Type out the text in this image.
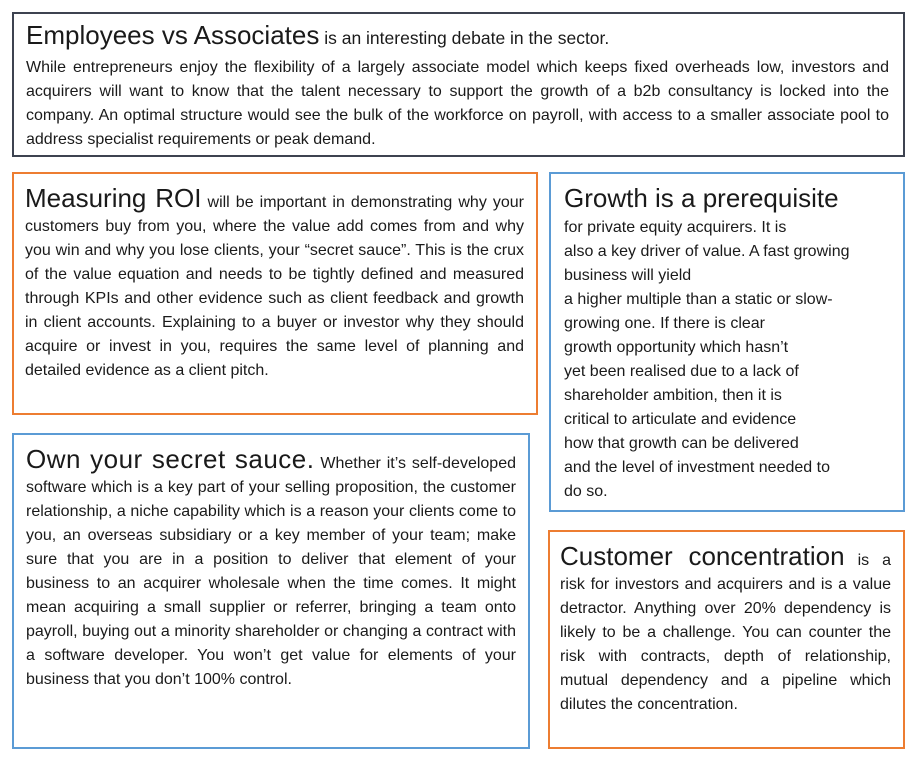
Employees vs Associates is an interesting debate in the sector.
While entrepreneurs enjoy the flexibility of a largely associate model which keeps fixed overheads low, investors and acquirers will want to know that the talent necessary to support the growth of a b2b consultancy is locked into the company. An optimal structure would see the bulk of the workforce on payroll, with access to a smaller associate pool to address specialist requirements or peak demand.
Measuring ROI will be important in demonstrating why your customers buy from you, where the value add comes from and why you win and why you lose clients, your “secret sauce”. This is the crux of the value equation and needs to be tightly defined and measured through KPIs and other evidence such as client feedback and growth in client accounts. Explaining to a buyer or investor why they should acquire or invest in you, requires the same level of planning and detailed evidence as a client pitch.
Growth is a prerequisite
for private equity acquirers. It is
also a key driver of value. A fast growing
business will yield
a higher multiple than a static or slow-
growing one. If there is clear
growth opportunity which hasn’t
yet been realised due to a lack of
shareholder ambition, then it is
critical to articulate and evidence
how that growth can be delivered
and the level of investment needed to
do so.
Own your secret sauce. Whether it’s self-developed software which is a key part of your selling proposition, the customer relationship, a niche capability which is a reason your clients come to you, an overseas subsidiary or a key member of your team; make sure that you are in a position to deliver that element of your business to an acquirer wholesale when the time comes. It might mean acquiring a small supplier or referrer, bringing a team onto payroll, buying out a minority shareholder or changing a contract with a software developer. You won’t get value for elements of your business that you don’t 100% control.
Customer concentration is a risk for investors and acquirers and is a value detractor. Anything over 20% dependency is likely to be a challenge. You can counter the risk with contracts, depth of relationship, mutual dependency and a pipeline which dilutes the concentration.
